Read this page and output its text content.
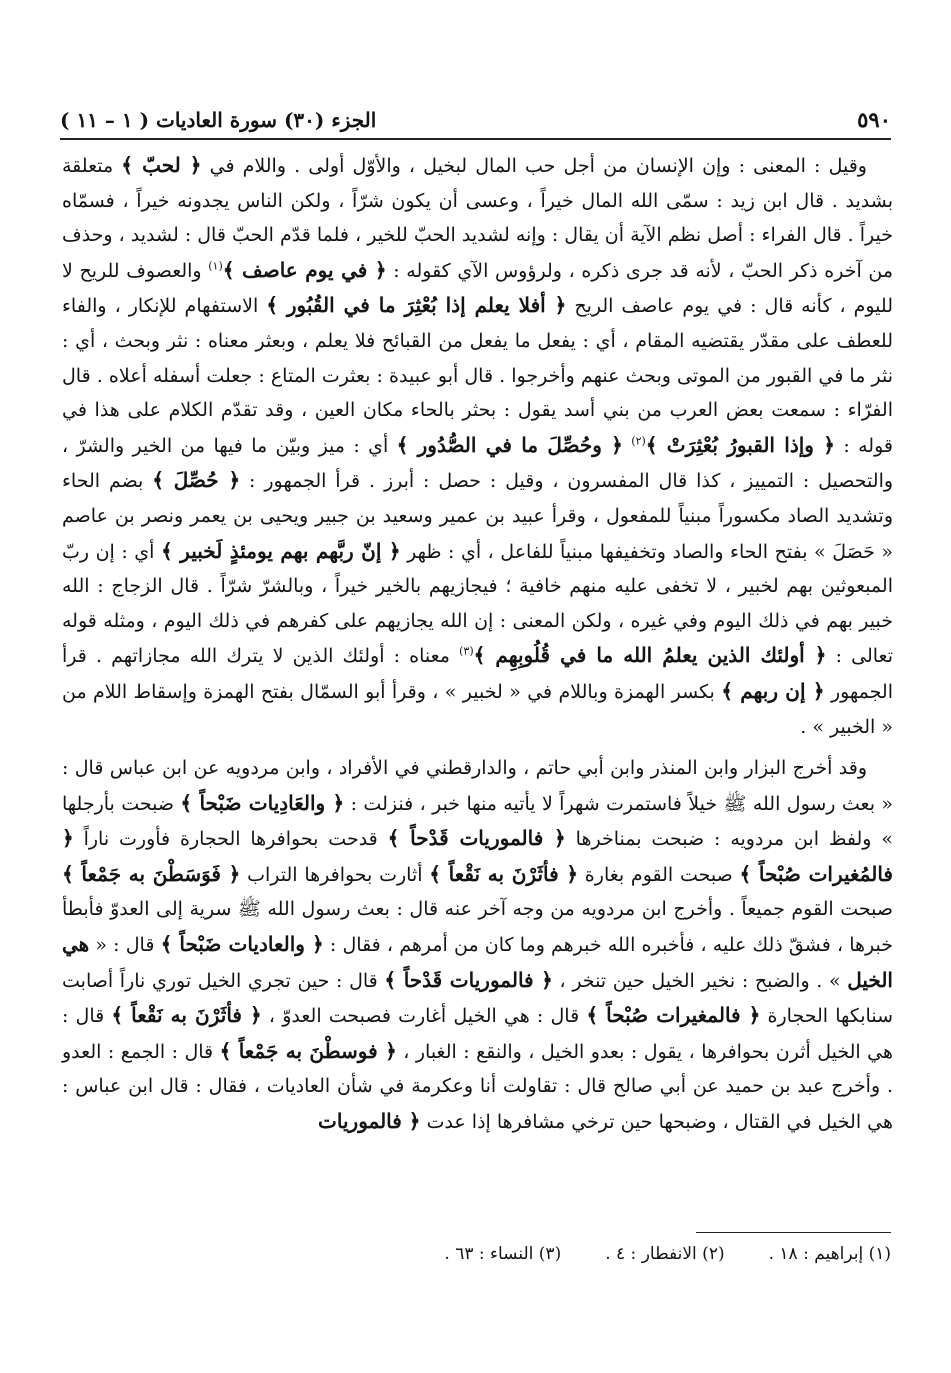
٥٩٠
الجزء (٣٠) سورة العاديات ( ١ – ١١ )

وقيل : المعنى : وإن الإنسان من أجل حب المال لبخيل ، والأوّل أولى . واللام في ﴿ لحبّ ﴾ متعلقة بشديد . قال ابن زيد : سمّى الله المال خيراً ، وعسى أن يكون شرّاً ، ولكن الناس يجدونه خيراً ، فسمّاه خيراً . قال الفراء : أصل نظم الآية أن يقال : وإنه لشديد الحبّ للخير ، فلما قدّم الحبّ قال : لشديد ، وحذف من آخره ذكر الحبّ ، لأنه قد جرى ذكره ، ولرؤوس الآي كقوله : ﴿ في يوم عاصف ﴾$^{(١)}$ والعصوف للريح لا لليوم ، كأنه قال : في يوم عاصف الريح ﴿ أفلا يعلم إذا بُعْثِرَ ما في القُبُور ﴾ الاستفهام للإنكار ، والفاء للعطف على مقدّر يقتضيه المقام ، أي : يفعل ما يفعل من القبائح فلا يعلم ، وبعثر معناه : نثر وبحث ، أي : نثر ما في القبور من الموتى وبحث عنهم وأخرجوا . قال أبو عبيدة : بعثرت المتاع : جعلت أسفله أعلاه . قال الفرّاء : سمعت بعض العرب من بني أسد يقول : بحثر بالحاء مكان العين ، وقد تقدّم الكلام على هذا في قوله : ﴿ وإذا القبورُ بُعْثِرَتْ ﴾$^{(٢)}$ ﴿ وحُصِّلَ ما في الصُّدُور ﴾ أي : ميز وبيّن ما فيها من الخير والشرّ ، والتحصيل : التمييز ، كذا قال المفسرون ، وقيل : حصل : أبرز . قرأ الجمهور : ﴿ حُصِّلَ ﴾ بضم الحاء وتشديد الصاد مكسوراً مبنياً للمفعول ، وقرأ عبيد بن عمير وسعيد بن جبير ويحيى بن يعمر ونصر بن عاصم « حَصَلَ » بفتح الحاء والصاد وتخفيفها مبنياً للفاعل ، أي : ظهر ﴿ إنّ ربَّهم بهم يومئذٍ لَخبير ﴾ أي : إن ربّ المبعوثين بهم لخبير ، لا تخفى عليه منهم خافية ؛ فيجازيهم بالخير خيراً ، وبالشرّ شرّاً . قال الزجاج : الله خبير بهم في ذلك اليوم وفي غيره ، ولكن المعنى : إن الله يجازيهم على كفرهم في ذلك اليوم ، ومثله قوله تعالى : ﴿ أولئك الذين يعلمُ الله ما في قُلُوبِهِم ﴾$^{(٣)}$ معناه : أولئك الذين لا يترك الله مجازاتهم . قرأ الجمهور ﴿ إن ربهم ﴾ بكسر الهمزة وباللام في « لخبير » ، وقرأ أبو السمّال بفتح الهمزة وإسقاط اللام من « الخبير » .

وقد أخرج البزار وابن المنذر وابن أبي حاتم ، والدارقطني في الأفراد ، وابن مردويه عن ابن عباس قال : « بعث رسول الله ﷺ خيلاً فاستمرت شهراً لا يأتيه منها خبر ، فنزلت : ﴿ والعَادِيات ضَبْحاً ﴾ ضبحت بأرجلها » ولفظ ابن مردويه : ضبحت بمناخرها ﴿ فالموريات قَدْحاً ﴾ قدحت بحوافرها الحجارة فأورت ناراً ﴿ فالمُغيرات صُبْحاً ﴾ صبحت القوم بغارة ﴿ فأثَرْنَ به نَقْعاً ﴾ أثارت بحوافرها التراب ﴿ فَوَسَطْنَ به جَمْعاً ﴾ صبحت القوم جميعاً . وأخرج ابن مردويه من وجه آخر عنه قال : بعث رسول الله ﷺ سرية إلى العدوّ فأبطأ خبرها ، فشقّ ذلك عليه ، فأخبره الله خبرهم وما كان من أمرهم ، فقال : ﴿ والعاديات ضَبْحاً ﴾ قال : « هي الخيل » . والضبح : نخير الخيل حين تنخر ، ﴿ فالموريات قَدْحاً ﴾ قال : حين تجري الخيل توري ناراً أصابت سنابكها الحجارة ﴿ فالمغيرات صُبْحاً ﴾ قال : هي الخيل أغارت فصبحت العدوّ ، ﴿ فأثَرْنَ به نَقْعاً ﴾ قال : هي الخيل أثرن بحوافرها ، يقول : بعدو الخيل ، والنقع : الغبار ، ﴿ فوسطْنَ به جَمْعاً ﴾ قال : الجمع : العدو . وأخرج عبد بن حميد عن أبي صالح قال : تقاولت أنا وعكرمة في شأن العاديات ، فقال : قال ابن عباس : هي الخيل في القتال ، وضبحها حين ترخي مشافرها إذا عدت ﴿ فالموريات

(١) إبراهيم : ١٨ .
(٢) الانفطار : ٤ .
(٣) النساء : ٦٣ .
